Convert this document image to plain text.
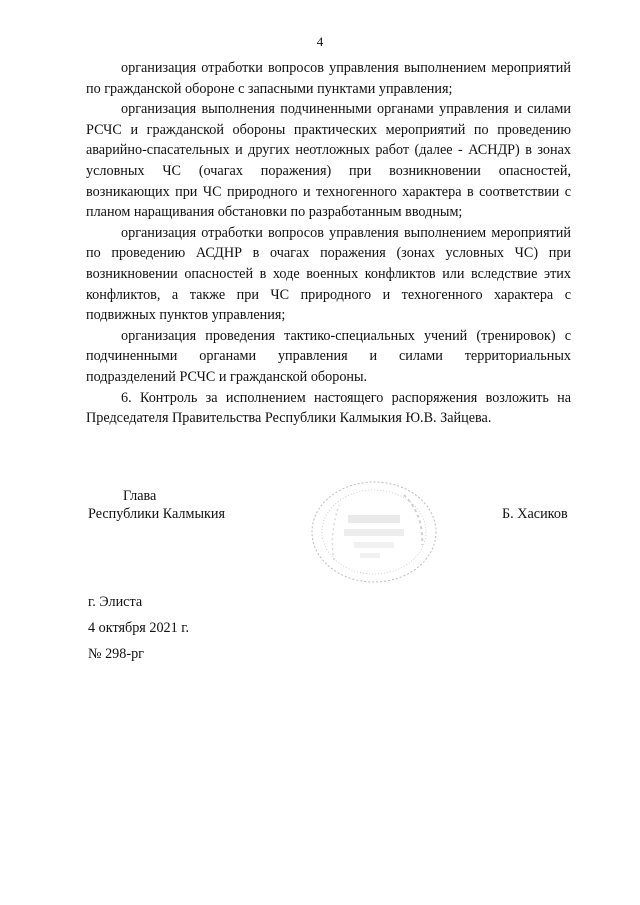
4

организация отработки вопросов управления выполнением мероприятий по гражданской обороне с запасными пунктами управления;

организация выполнения подчиненными органами управления и силами РСЧС и гражданской обороны практических мероприятий по проведению аварийно-спасательных и других неотложных работ (далее - АСНДР) в зонах условных ЧС (очагах поражения) при возникновении опасностей, возникающих при ЧС природного и техногенного характера в соответствии с планом наращивания обстановки по разработанным вводным;

организация отработки вопросов управления выполнением мероприятий по проведению АСДНР в очагах поражения (зонах условных ЧС) при возникновении опасностей в ходе военных конфликтов или вследствие этих конфликтов, а также при ЧС природного и техногенного характера с подвижных пунктов управления;

организация проведения тактико-специальных учений (тренировок) с подчиненными органами управления и силами территориальных подразделений РСЧС и гражданской обороны.

6. Контроль за исполнением настоящего распоряжения возложить на Председателя Правительства Республики Калмыкия Ю.В. Зайцева.

Глава
Республики Калмыкия	Б. Хасиков
г. Элиста
4 октября 2021 г.
№ 298-рг
